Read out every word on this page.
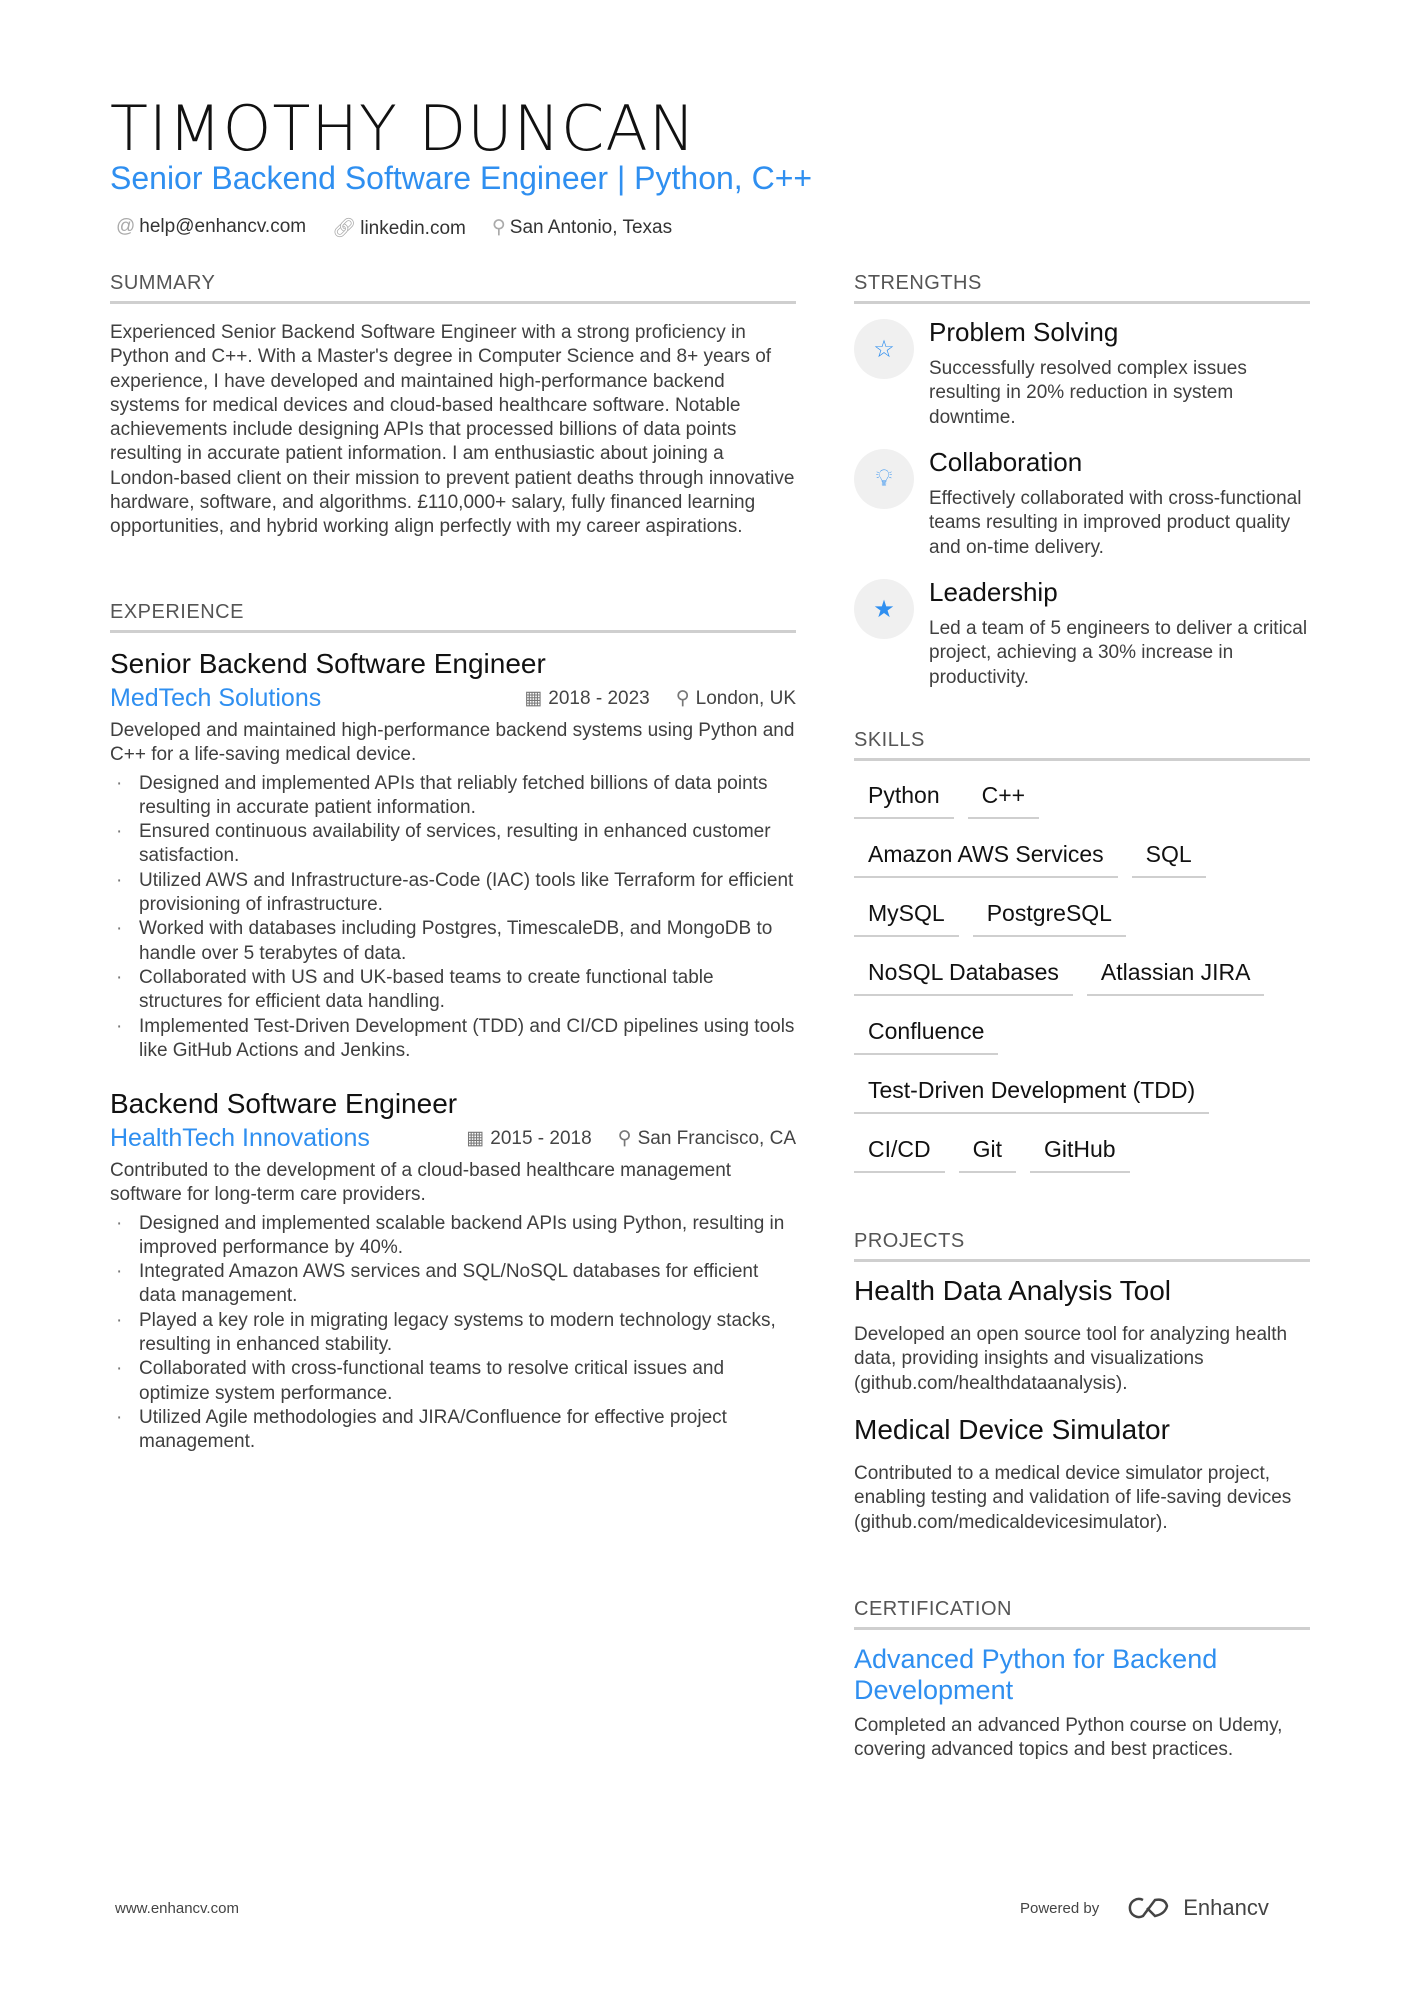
TIMOTHY DUNCAN
Senior Backend Software Engineer | Python, C++
@ help@enhancv.com 🔗︎ linkedin.com ⚲ San Antonio, Texas
SUMMARY
Experienced Senior Backend Software Engineer with a strong proficiency in Python and C++. With a Master's degree in Computer Science and 8+ years of experience, I have developed and maintained high-performance backend systems for medical devices and cloud-based healthcare software. Notable achievements include designing APIs that processed billions of data points resulting in accurate patient information. I am enthusiastic about joining a London-based client on their mission to prevent patient deaths through innovative hardware, software, and algorithms. £110,000+ salary, fully financed learning opportunities, and hybrid working align perfectly with my career aspirations.
EXPERIENCE
Senior Backend Software Engineer
MedTech Solutions	▦ 2018 - 2023 ⚲ London, UK
Developed and maintained high-performance backend systems using Python and C++ for a life-saving medical device.
· Designed and implemented APIs that reliably fetched billions of data points resulting in accurate patient information.
· Ensured continuous availability of services, resulting in enhanced customer satisfaction.
· Utilized AWS and Infrastructure-as-Code (IAC) tools like Terraform for efficient provisioning of infrastructure.
· Worked with databases including Postgres, TimescaleDB, and MongoDB to handle over 5 terabytes of data.
· Collaborated with US and UK-based teams to create functional table structures for efficient data handling.
· Implemented Test-Driven Development (TDD) and CI/CD pipelines using tools like GitHub Actions and Jenkins.
Backend Software Engineer
HealthTech Innovations	▦ 2015 - 2018 ⚲ San Francisco, CA
Contributed to the development of a cloud-based healthcare management software for long-term care providers.
· Designed and implemented scalable backend APIs using Python, resulting in improved performance by 40%.
· Integrated Amazon AWS services and SQL/NoSQL databases for efficient data management.
· Played a key role in migrating legacy systems to modern technology stacks, resulting in enhanced stability.
· Collaborated with cross-functional teams to resolve critical issues and optimize system performance.
· Utilized Agile methodologies and JIRA/Confluence for effective project management.
STRENGTHS
☆
Problem Solving
Successfully resolved complex issues resulting in 20% reduction in system downtime.
💡︎
Collaboration
Effectively collaborated with cross-functional teams resulting in improved product quality and on-time delivery.
★
Leadership
Led a team of 5 engineers to deliver a critical project, achieving a 30% increase in productivity.
SKILLS
Python	C++
Amazon AWS Services	SQL
MySQL	PostgreSQL
NoSQL Databases	Atlassian JIRA
Confluence
Test-Driven Development (TDD)
CI/CD	Git	GitHub
PROJECTS
Health Data Analysis Tool
Developed an open source tool for analyzing health data, providing insights and visualizations (github.com/healthdataanalysis).
Medical Device Simulator
Contributed to a medical device simulator project, enabling testing and validation of life-saving devices (github.com/medicaldevicesimulator).
CERTIFICATION
Advanced Python for Backend Development
Completed an advanced Python course on Udemy, covering advanced topics and best practices.
www.enhancv.com	Powered by	Enhancv
